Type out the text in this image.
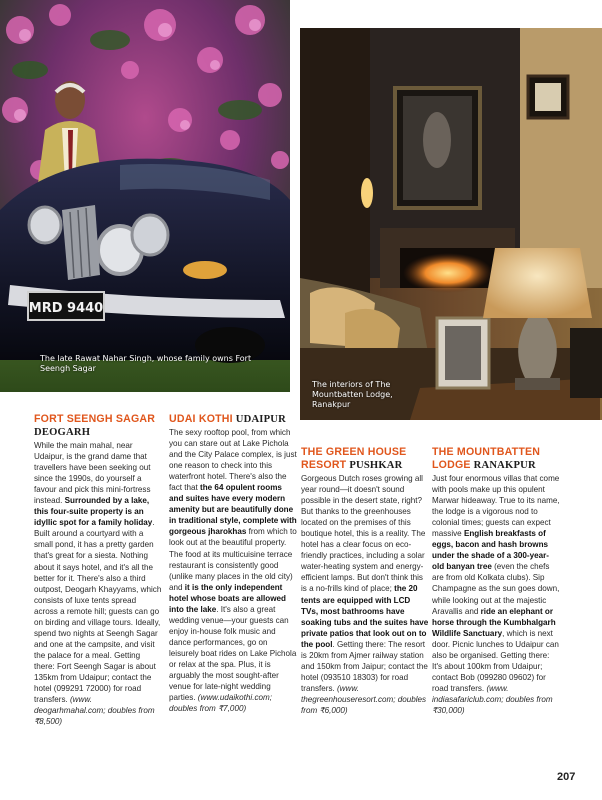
MRD 9440
The late Rawat Nahar Singh, whose family owns Fort Seengh Sagar
The interiors of The Mountbatten Lodge, Ranakpur
FORT SEENGH SAGAR
DEOGARH

While the main mahal, near Udaipur, is the grand dame that travellers have been seeking out since the 1990s, do yourself a favour and pick this mini-fortress instead. Surrounded by a lake, this four-suite property is an idyllic spot for a family holiday. Built around a courtyard with a small pond, it has a pretty garden that's great for a siesta. Nothing about it says hotel, and it's all the better for it. There's also a third outpost, Deogarh Khayyams, which consists of luxe tents spread across a remote hill; guests can go on birding and village tours. Ideally, spend two nights at Seengh Sagar and one at the campsite, and visit the palace for a meal. Getting there: Fort Seengh Sagar is about 135km from Udaipur; contact the hotel (099291 72000) for road transfers. (www. deogarhmahal.com; doubles from ₹8,500)

UDAI KOTHI UDAIPUR

The sexy rooftop pool, from which you can stare out at Lake Pichola and the City Palace complex, is just one reason to check into this waterfront hotel. There's also the fact that the 64 opulent rooms and suites have every modern amenity but are beautifully done in traditional style, complete with gorgeous jharokhas from which to look out at the beautiful property. The food at its multicuisine terrace restaurant is consistently good (unlike many places in the old city) and it is the only independent hotel whose boats are allowed into the lake. It's also a great wedding venue—your guests can enjoy in-house folk music and dance performances, go on leisurely boat rides on Lake Pichola or relax at the spa. Plus, it is arguably the most sought-after venue for late-night wedding parties. (www.udaikothi.com; doubles from ₹7,000)

THE GREEN HOUSE
RESORT PUSHKAR

Gorgeous Dutch roses growing all year round—it doesn't sound possible in the desert state, right? But thanks to the greenhouses located on the premises of this boutique hotel, this is a reality. The hotel has a clear focus on eco-friendly practices, including a solar water-heating system and energy-efficient lamps. But don't think this is a no-frills kind of place; the 20 tents are equipped with LCD TVs, most bathrooms have soaking tubs and the suites have private patios that look out on to the pool. Getting there: The resort is 20km from Ajmer railway station and 150km from Jaipur; contact the hotel (093510 18303) for road transfers. (www. thegreenhouseresort.com; doubles from ₹6,000)

THE MOUNTBATTEN
LODGE RANAKPUR

Just four enormous villas that come with pools make up this opulent Marwar hideaway. True to its name, the lodge is a vigorous nod to colonial times; guests can expect massive English breakfasts of eggs, bacon and hash browns under the shade of a 300-year-old banyan tree (even the chefs are from old Kolkata clubs). Sip Champagne as the sun goes down, while looking out at the majestic Aravallis and ride an elephant or horse through the Kumbhalgarh Wildlife Sanctuary, which is next door. Picnic lunches to Udaipur can also be organised. Getting there: It's about 100km from Udaipur; contact Bob (099280 09602) for road transfers. (www. indiasafariclub.com; doubles from ₹30,000)

207
